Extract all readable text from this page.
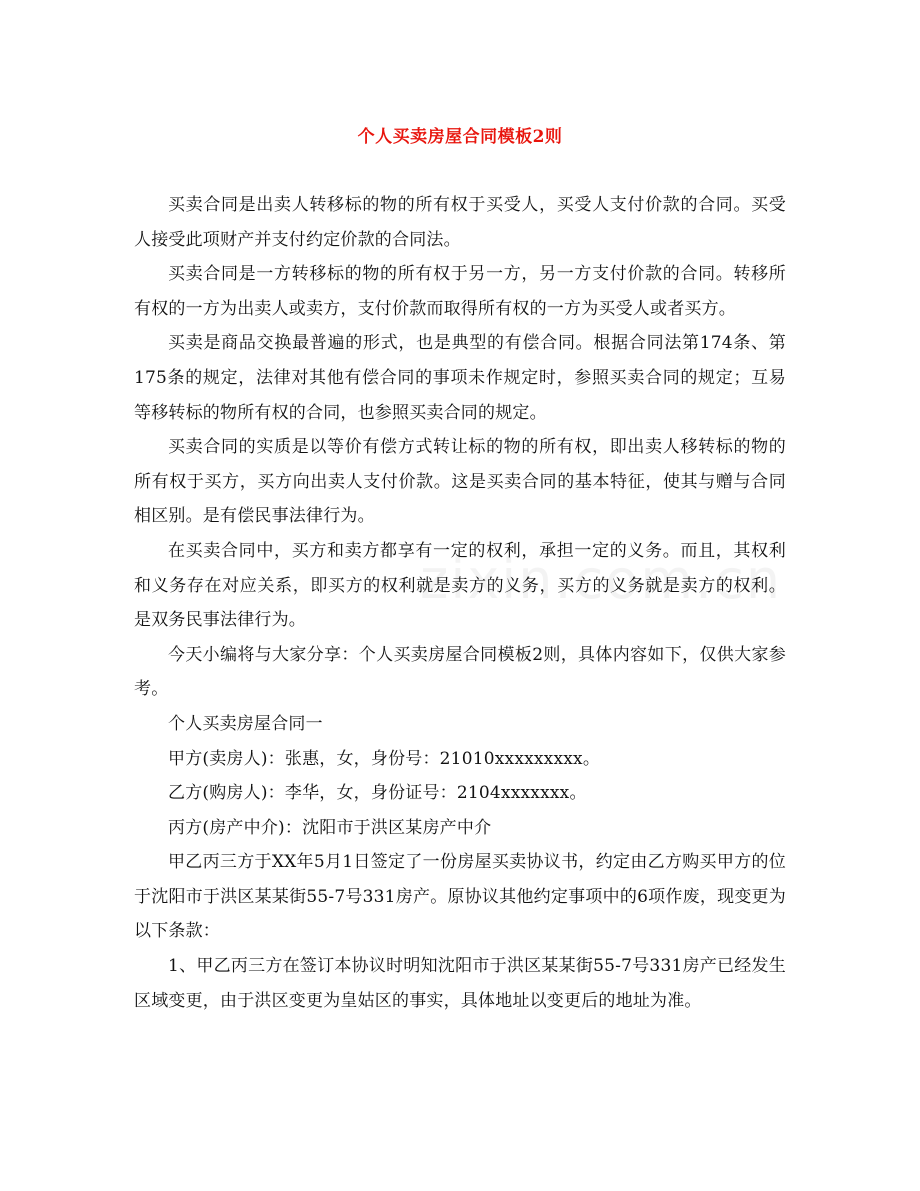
个人买卖房屋合同模板2则

买卖合同是出卖人转移标的物的所有权于买受人，买受人支付价款的合同。买受人接受此项财产并支付约定价款的合同法。

买卖合同是一方转移标的物的所有权于另一方，另一方支付价款的合同。转移所有权的一方为出卖人或卖方，支付价款而取得所有权的一方为买受人或者买方。

买卖是商品交换最普遍的形式，也是典型的有偿合同。根据合同法第174条、第175条的规定，法律对其他有偿合同的事项未作规定时，参照买卖合同的规定；互易等移转标的物所有权的合同，也参照买卖合同的规定。

买卖合同的实质是以等价有偿方式转让标的物的所有权，即出卖人移转标的物的所有权于买方，买方向出卖人支付价款。这是买卖合同的基本特征，使其与赠与合同相区别。是有偿民事法律行为。

在买卖合同中，买方和卖方都享有一定的权利，承担一定的义务。而且，其权利和义务存在对应关系，即买方的权利就是卖方的义务，买方的义务就是卖方的权利。是双务民事法律行为。

今天小编将与大家分享：个人买卖房屋合同模板2则，具体内容如下，仅供大家参考。

个人买卖房屋合同一

甲方(卖房人)：张惠，女，身份号：21010xxxxxxxxx。

乙方(购房人)：李华，女，身份证号：2104xxxxxxx。

丙方(房产中介)：沈阳市于洪区某房产中介

甲乙丙三方于XX年5月1日签定了一份房屋买卖协议书，约定由乙方购买甲方的位于沈阳市于洪区某某街55-7号331房产。原协议其他约定事项中的6项作废，现变更为以下条款：

1、甲乙丙三方在签订本协议时明知沈阳市于洪区某某街55-7号331房产已经发生区域变更，由于洪区变更为皇姑区的事实，具体地址以变更后的地址为准。
